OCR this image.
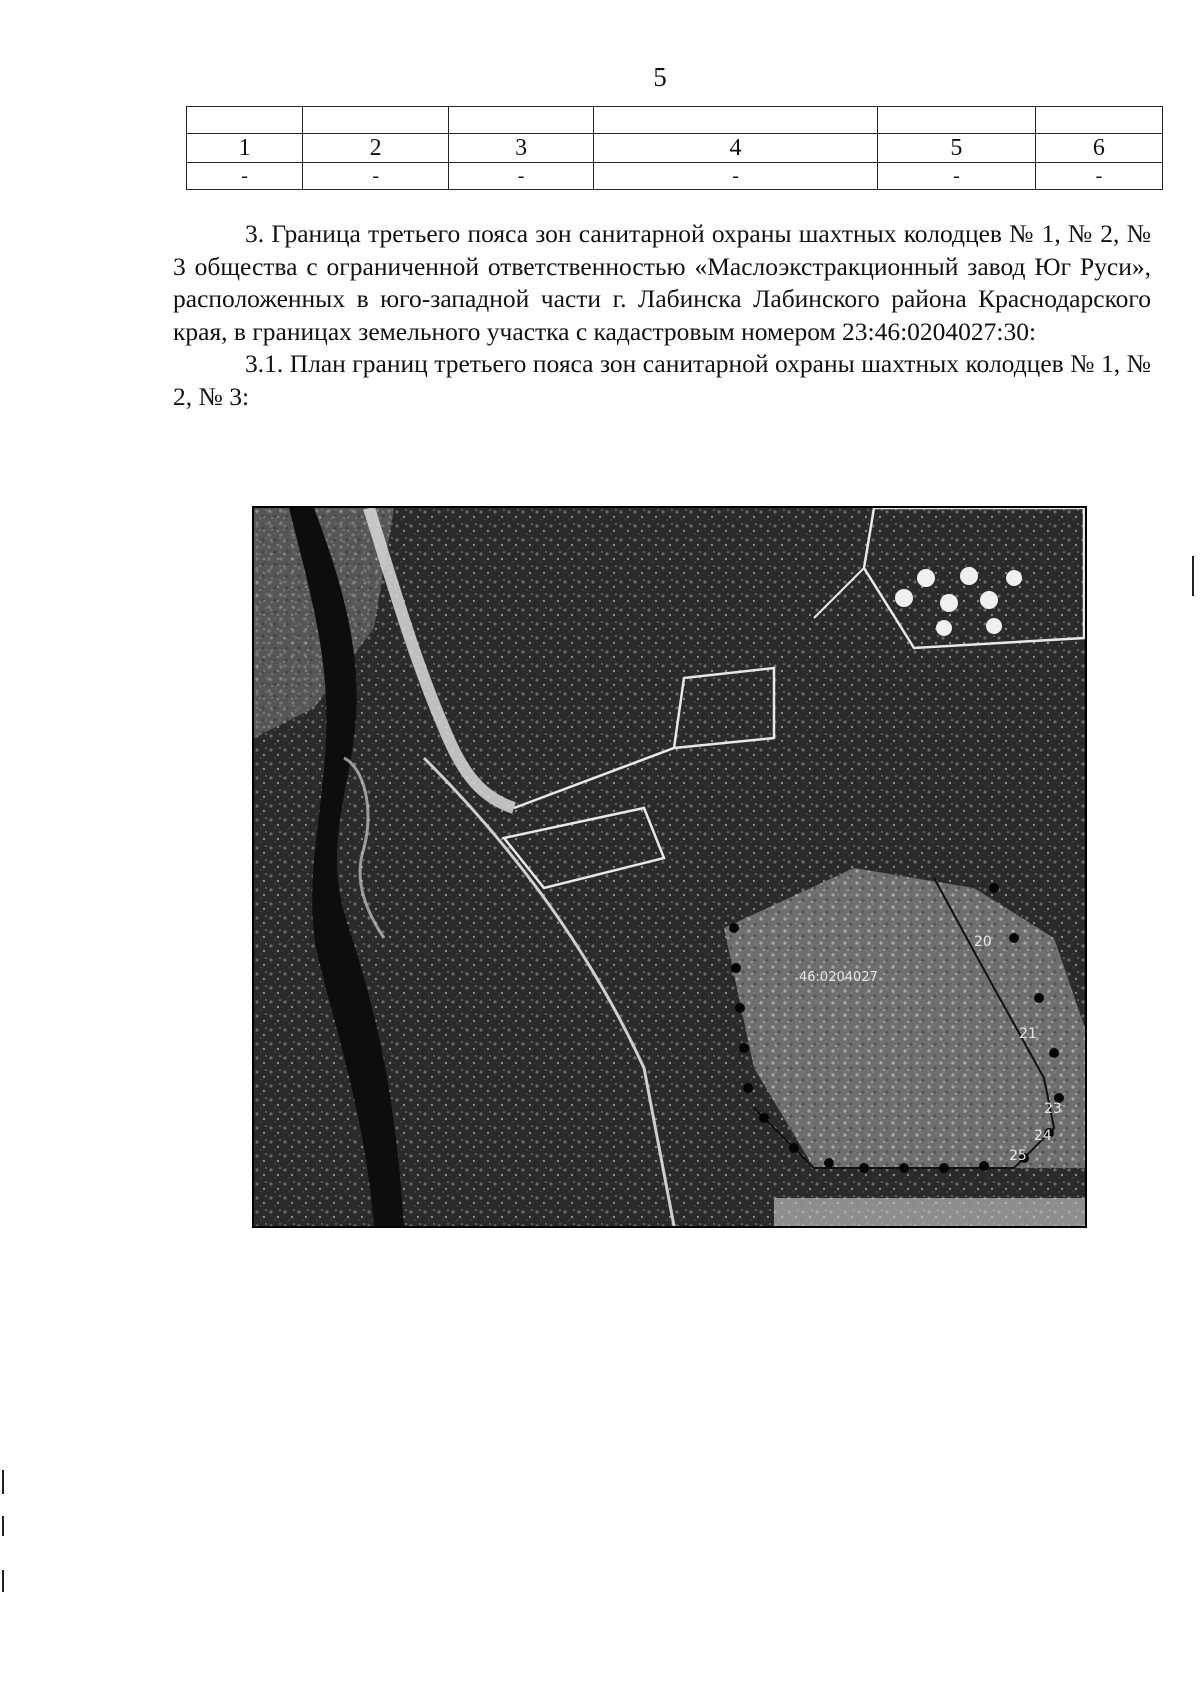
5

1	2	3	4	5	6
-	-	-	-	-	-

3. Граница третьего пояса зон санитарной охраны шахтных колодцев № 1, № 2, № 3 общества с ограниченной ответственностью «Маслоэкстракционный завод Юг Руси», расположенных в юго-западной части г. Лабинска Лабинского района Краснодарского края, в границах земельного участка с кадастровым номером 23:46:0204027:30:

3.1. План границ третьего пояса зон санитарной охраны шахтных колодцев № 1, № 2, № 3:

46:0204027
20
21
23
24
25
